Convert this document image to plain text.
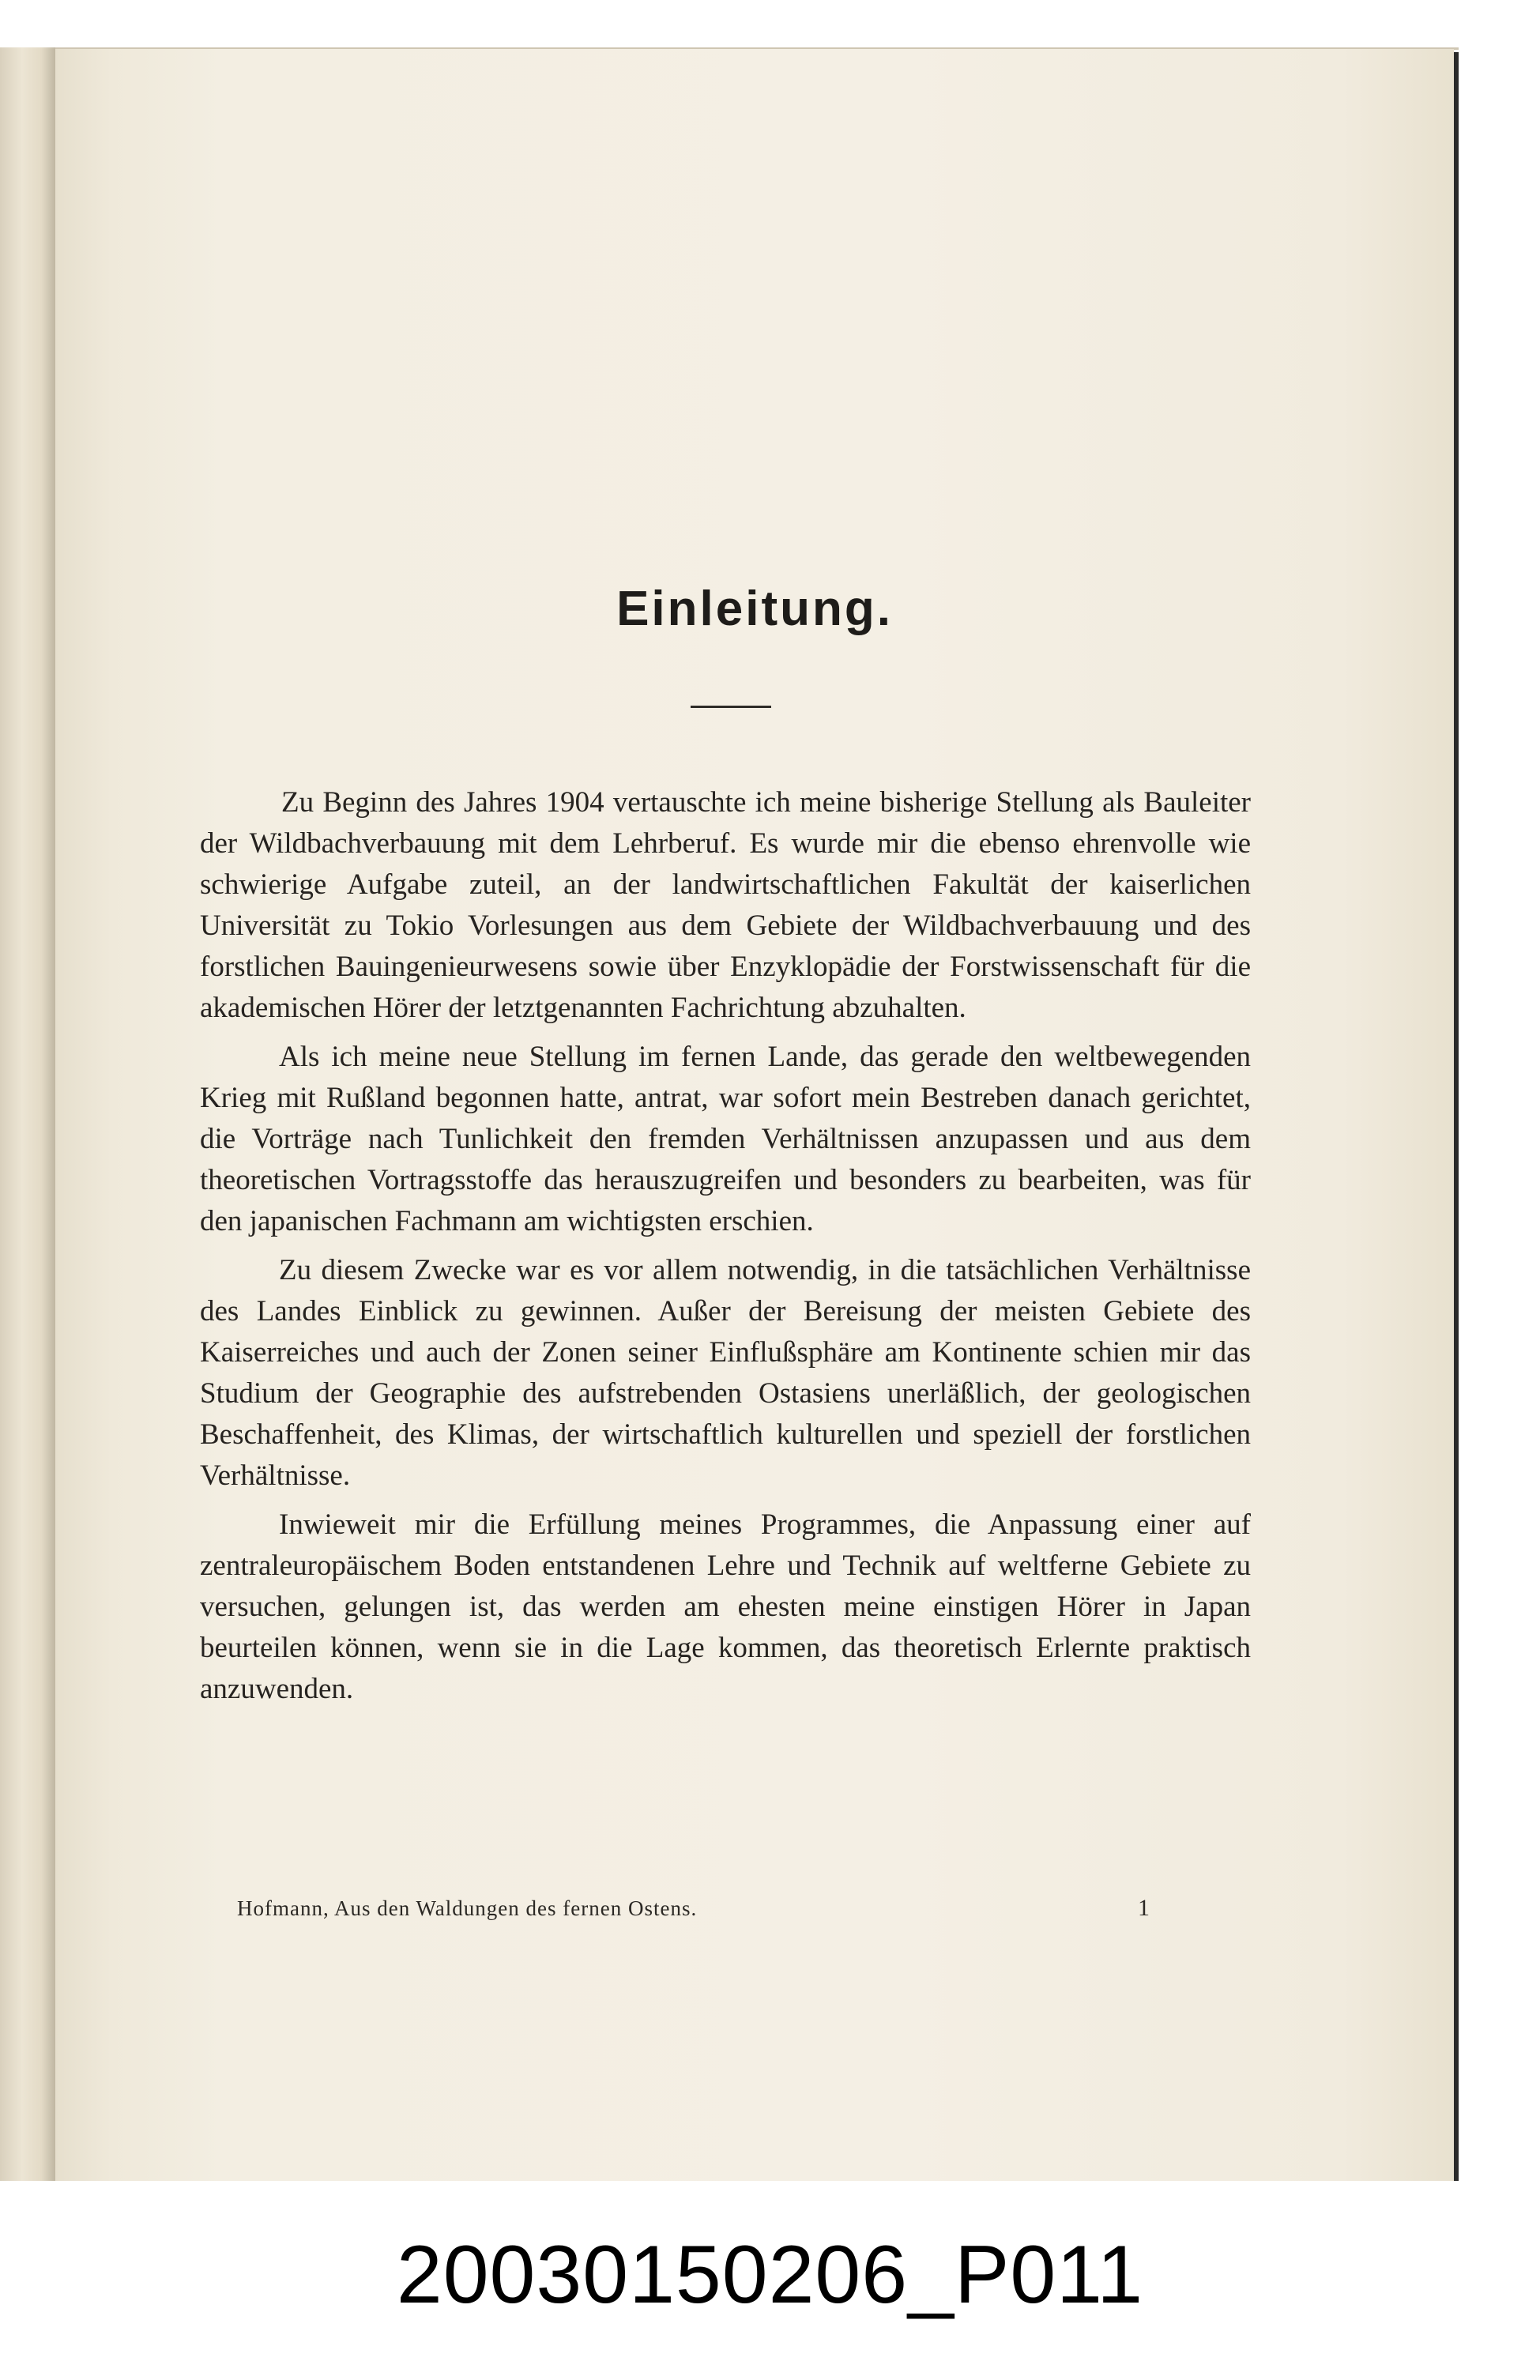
Einleitung.

Zu Beginn des Jahres 1904 vertauschte ich meine bisherige Stellung als Bauleiter der Wildbachverbauung mit dem Lehrberuf. Es wurde mir die ebenso ehrenvolle wie schwierige Aufgabe zuteil, an der landwirtschaftlichen Fakultät der kaiserlichen Universität zu Tokio Vorlesungen aus dem Gebiete der Wildbachverbauung und des forstlichen Bauingenieurwesens sowie über Enzyklopädie der Forstwissenschaft für die akademischen Hörer der letztgenannten Fachrichtung abzuhalten.

Als ich meine neue Stellung im fernen Lande, das gerade den weltbewegenden Krieg mit Rußland begonnen hatte, antrat, war sofort mein Bestreben danach gerichtet, die Vorträge nach Tunlichkeit den fremden Verhältnissen anzupassen und aus dem theoretischen Vortragsstoffe das herauszugreifen und besonders zu bearbeiten, was für den japanischen Fachmann am wichtigsten erschien.

Zu diesem Zwecke war es vor allem notwendig, in die tatsächlichen Verhältnisse des Landes Einblick zu gewinnen. Außer der Bereisung der meisten Gebiete des Kaiserreiches und auch der Zonen seiner Einflußsphäre am Kontinente schien mir das Studium der Geographie des aufstrebenden Ostasiens unerläßlich, der geologischen Beschaffenheit, des Klimas, der wirtschaftlich kulturellen und speziell der forstlichen Verhältnisse.

Inwieweit mir die Erfüllung meines Programmes, die Anpassung einer auf zentraleuropäischem Boden entstandenen Lehre und Technik auf weltferne Gebiete zu versuchen, gelungen ist, das werden am ehesten meine einstigen Hörer in Japan beurteilen können, wenn sie in die Lage kommen, das theoretisch Erlernte praktisch anzuwenden.

Hofmann, Aus den Waldungen des fernen Ostens.	1
20030150206_P011
